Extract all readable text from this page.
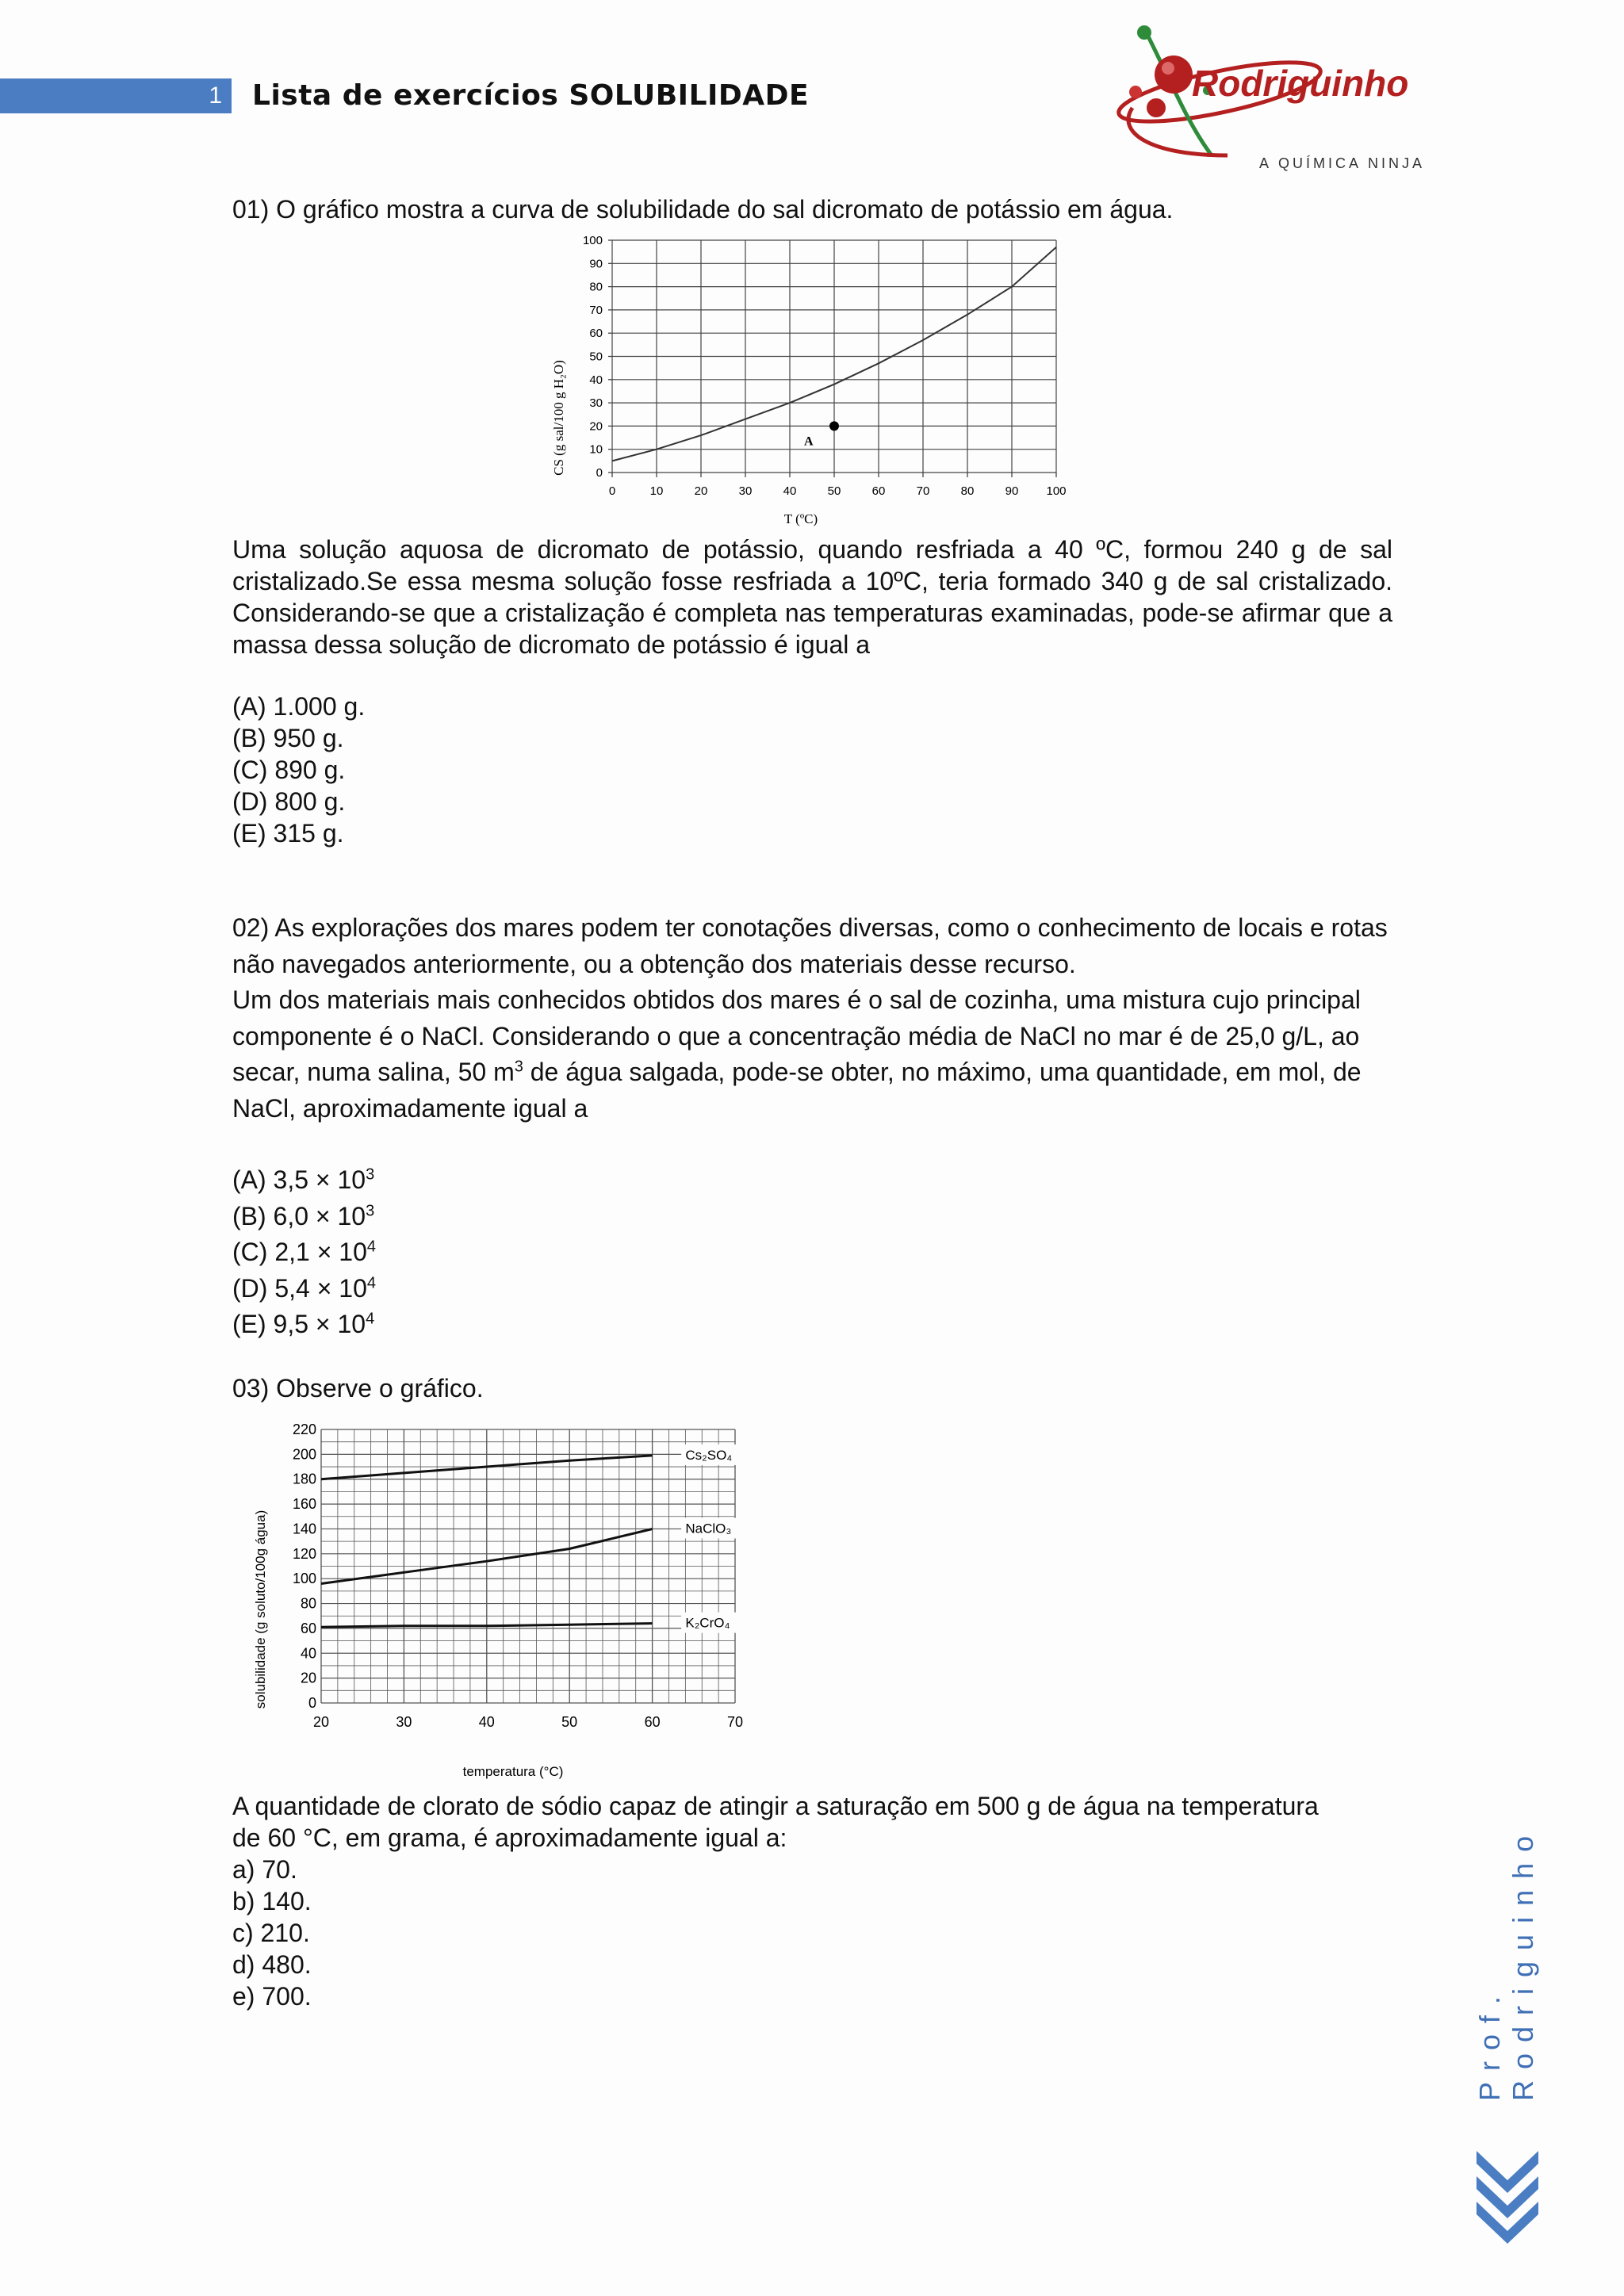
1 Lista de exercícios SOLUBILIDADE	Rodriguinho
A QUÍMICA NINJA
01) O gráfico mostra a curva de solubilidade do sal dicromato de potássio em água.
0
10
20
30
40
50
60
70
80
90
100
0	10	20	30	40	50	60	70	80	90 100
A
CS (g sal/100 g H₂O)
T (ºC)
Uma solução aquosa de dicromato de potássio, quando resfriada a 40 ºC, formou 240 g de sal cristalizado.Se essa mesma solução fosse resfriada a 10ºC, teria formado 340 g de sal cristalizado. Considerando-se que a cristalização é completa nas temperaturas examinadas, pode-se afirmar que a massa dessa solução de dicromato de potássio é igual a
(A) 1.000 g.
(B) 950 g.
(C) 890 g.
(D) 800 g.
(E) 315 g.
02) As explorações dos mares podem ter conotações diversas, como o conhecimento de locais e rotas não navegados anteriormente, ou a obtenção dos materiais desse recurso.
Um dos materiais mais conhecidos obtidos dos mares é o sal de cozinha, uma mistura cujo principal componente é o NaCl. Considerando o que a concentração média de NaCl no mar é de 25,0 g/L, ao secar, numa salina, 50 $m^3$ de água salgada, pode-se obter, no máximo, uma quantidade, em mol, de NaCl, aproximadamente igual a
(A) $3,5 \times 10^3$
(B) $6,0 \times 10^3$
(C) $2,1 \times 10^4$
(D) $5,4 \times 10^4$
(E) $9,5 \times 10^4$
03) Observe o gráfico.
0
20
40
60
80
100
120
140
160
180
200
220
20	30	40	50	60	70
Cs₂SO₄
NaClO₃
K₂CrO₄
solubilidade (g soluto/100g água)
temperatura (°C)
A quantidade de clorato de sódio capaz de atingir a saturação em 500 g de água na temperatura de 60 °C, em grama, é aproximadamente igual a:
a) 70.
b) 140.
c) 210.
d) 480.
e) 700.	Prof. Rodriguinho
